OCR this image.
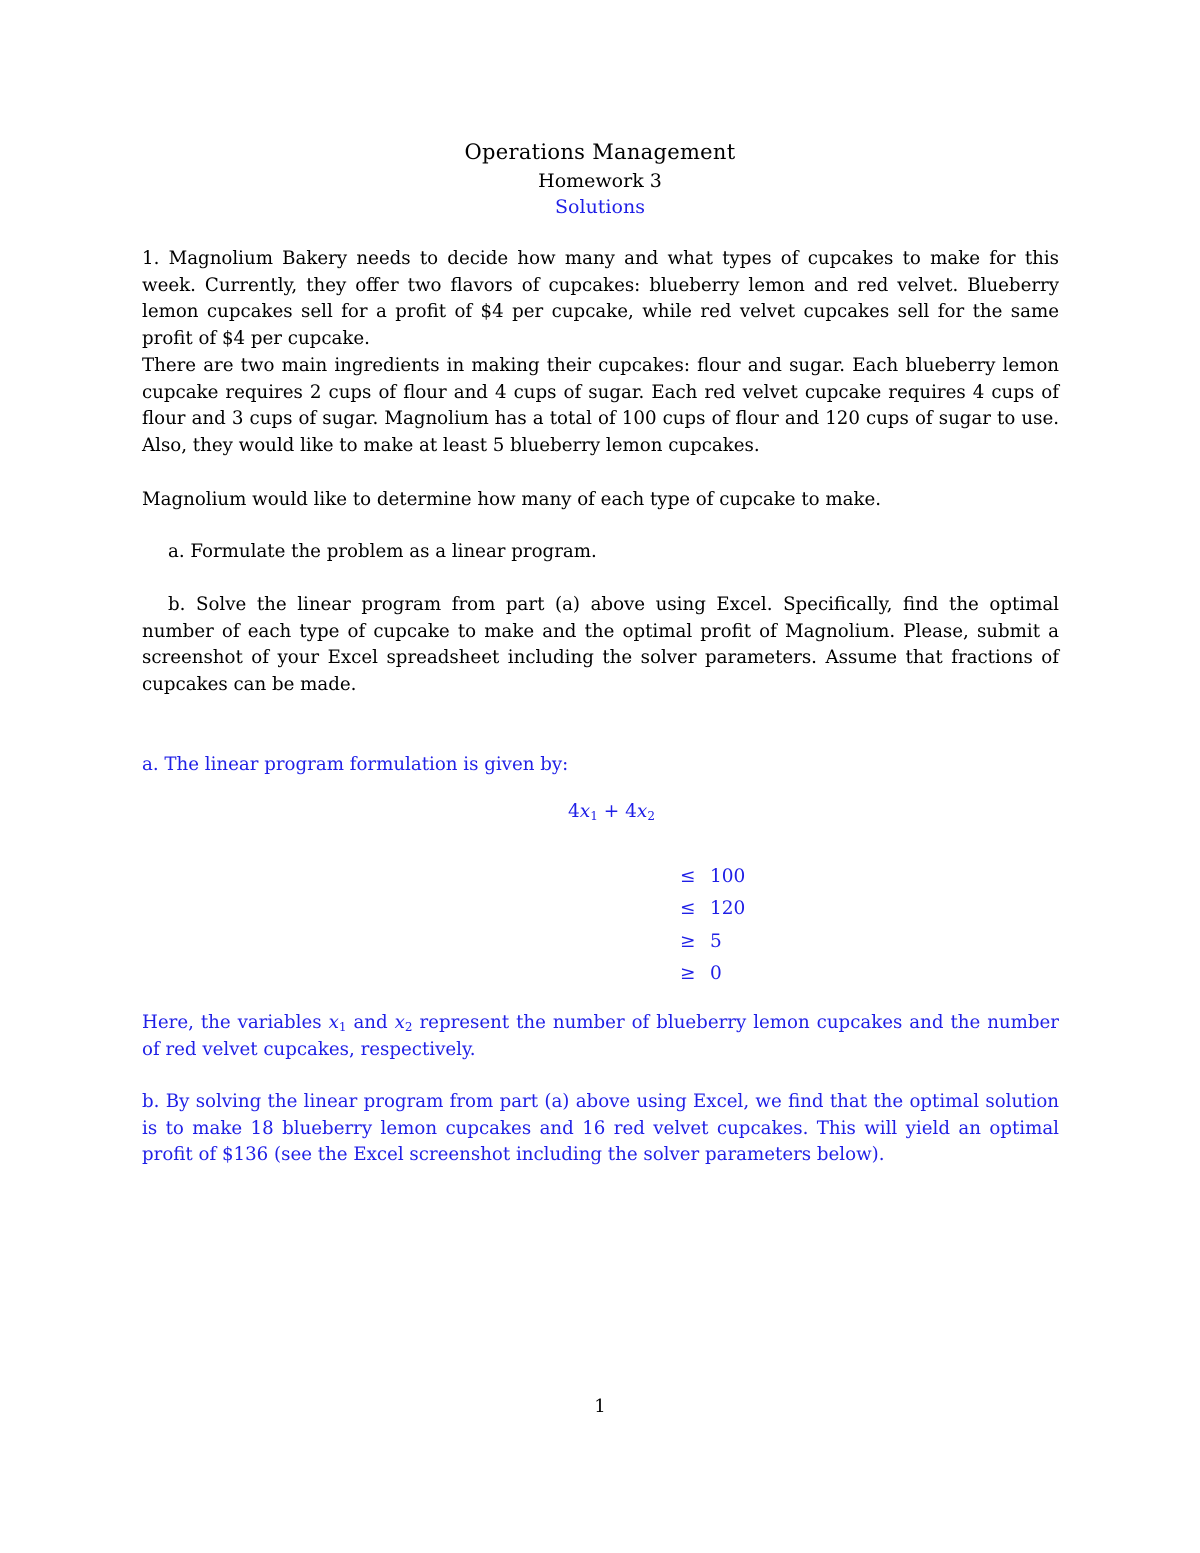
Operations Management
Homework 3
Solutions

1. Magnolium Bakery needs to decide how many and what types of cupcakes to make for this week. Currently, they offer two flavors of cupcakes: blueberry lemon and red velvet. Blueberry lemon cupcakes sell for a profit of $4 per cupcake, while red velvet cupcakes sell for the same profit of $4 per cupcake.

There are two main ingredients in making their cupcakes: flour and sugar. Each blueberry lemon cupcake requires 2 cups of flour and 4 cups of sugar. Each red velvet cupcake requires 4 cups of flour and 3 cups of sugar. Magnolium has a total of 100 cups of flour and 120 cups of sugar to use. Also, they would like to make at least 5 blueberry lemon cupcakes.

Magnolium would like to determine how many of each type of cupcake to make.

a. Formulate the problem as a linear program.

b. Solve the linear program from part (a) above using Excel. Specifically, find the optimal number of each type of cupcake to make and the optimal profit of Magnolium. Please, submit a screenshot of your Excel spreadsheet including the solver parameters. Assume that fractions of cupcakes can be made.

a. The linear program formulation is given by:

$4x_1 + 4x_2$
≤ 100
≤ 120
≥ 5
≥ 0

Here, the variables $x_1$ and $x_2$ represent the number of blueberry lemon cupcakes and the number of red velvet cupcakes, respectively.

b. By solving the linear program from part (a) above using Excel, we find that the optimal solution is to make 18 blueberry lemon cupcakes and 16 red velvet cupcakes. This will yield an optimal profit of $136 (see the Excel screenshot including the solver parameters below).

1
